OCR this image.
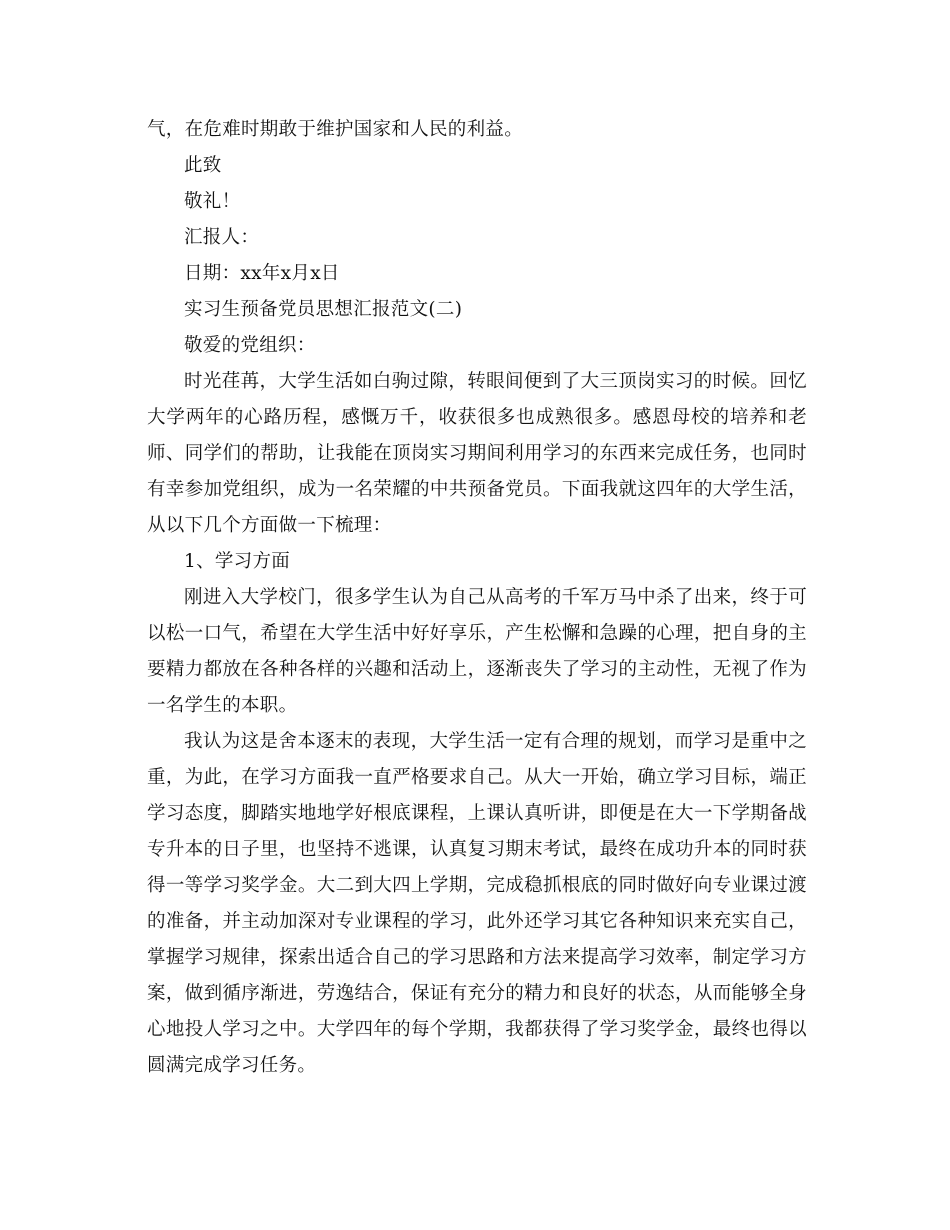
气，在危难时期敢于维护国家和人民的利益。
此致
敬礼！
汇报人：
日期：xx年x月x日
实习生预备党员思想汇报范文(二)
敬爱的党组织：

时光荏苒，大学生活如白驹过隙，转眼间便到了大三顶岗实习的时候。回忆大学两年的心路历程，感慨万千，收获很多也成熟很多。感恩母校的培养和老师、同学们的帮助，让我能在顶岗实习期间利用学习的东西来完成任务，也同时有幸参加党组织，成为一名荣耀的中共预备党员。下面我就这四年的大学生活，从以下几个方面做一下梳理：

1、学习方面

刚进入大学校门，很多学生认为自己从高考的千军万马中杀了出来，终于可以松一口气，希望在大学生活中好好享乐，产生松懈和急躁的心理，把自身的主要精力都放在各种各样的兴趣和活动上，逐渐丧失了学习的主动性，无视了作为一名学生的本职。

我认为这是舍本逐末的表现，大学生活一定有合理的规划，而学习是重中之重，为此，在学习方面我一直严格要求自己。从大一开始，确立学习目标，端正学习态度，脚踏实地地学好根底课程，上课认真听讲，即便是在大一下学期备战专升本的日子里，也坚持不逃课，认真复习期末考试，最终在成功升本的同时获得一等学习奖学金。大二到大四上学期，完成稳抓根底的同时做好向专业课过渡的准备，并主动加深对专业课程的学习，此外还学习其它各种知识来充实自己，掌握学习规律，探索出适合自己的学习思路和方法来提高学习效率，制定学习方案，做到循序渐进，劳逸结合，保证有充分的精力和良好的状态，从而能够全身心地投人学习之中。大学四年的每个学期，我都获得了学习奖学金，最终也得以圆满完成学习任务。
